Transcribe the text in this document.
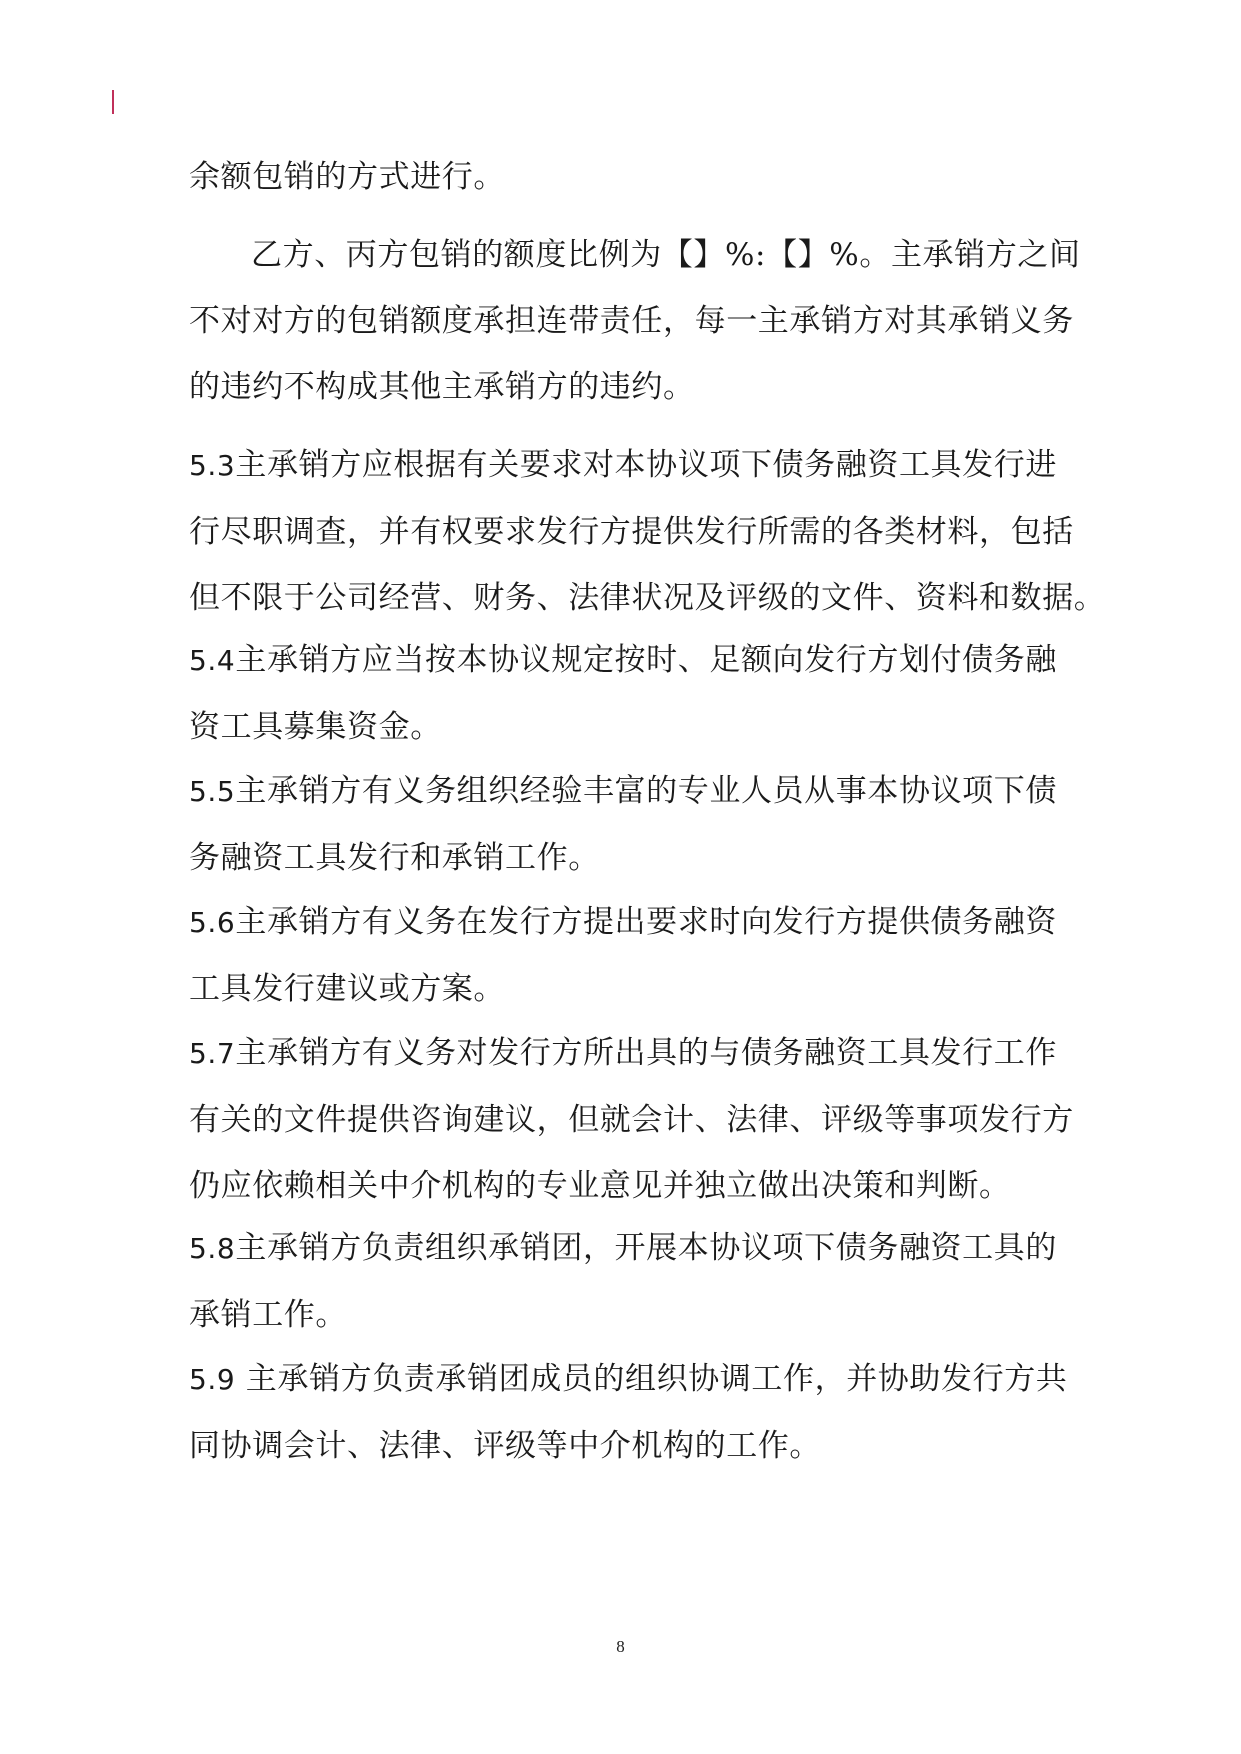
余额包销的方式进行。
乙方、丙方包销的额度比例为【】%:【】%。主承销方之间
不对对方的包销额度承担连带责任，每一主承销方对其承销义务
的违约不构成其他主承销方的违约。
5.3主承销方应根据有关要求对本协议项下债务融资工具发行进
行尽职调查，并有权要求发行方提供发行所需的各类材料，包括
但不限于公司经营、财务、法律状况及评级的文件、资料和数据。
5.4主承销方应当按本协议规定按时、足额向发行方划付债务融
资工具募集资金。
5.5主承销方有义务组织经验丰富的专业人员从事本协议项下债
务融资工具发行和承销工作。
5.6主承销方有义务在发行方提出要求时向发行方提供债务融资
工具发行建议或方案。
5.7主承销方有义务对发行方所出具的与债务融资工具发行工作
有关的文件提供咨询建议，但就会计、法律、评级等事项发行方
仍应依赖相关中介机构的专业意见并独立做出决策和判断。
5.8主承销方负责组织承销团，开展本协议项下债务融资工具的
承销工作。
5.9 主承销方负责承销团成员的组织协调工作，并协助发行方共
同协调会计、法律、评级等中介机构的工作。
8
